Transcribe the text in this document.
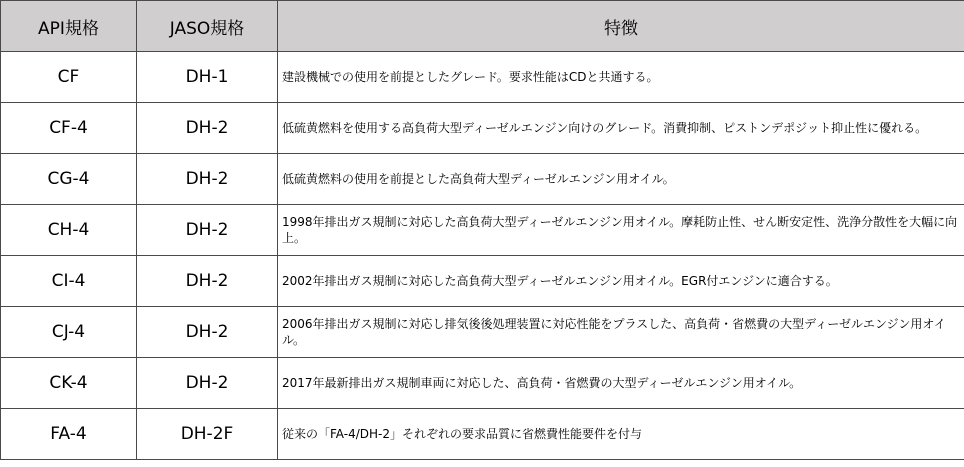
API規格	JASO規格	特徴
CF	DH-1	建設機械での使用を前提としたグレード。要求性能はCDと共通する。
CF-4	DH-2	低硫黄燃料を使用する高負荷大型ディーゼルエンジン向けのグレード。消費抑制、ピストンデポジット抑止性に優れる。
CG-4	DH-2	低硫黄燃料の使用を前提とした高負荷大型ディーゼルエンジン用オイル。
CH-4	DH-2	1998年排出ガス規制に対応した高負荷大型ディーゼルエンジン用オイル。摩耗防止性、せん断安定性、洗浄分散性を大幅に向上。
CI-4	DH-2	2002年排出ガス規制に対応した高負荷大型ディーゼルエンジン用オイル。EGR付エンジンに適合する。
CJ-4	DH-2	2006年排出ガス規制に対応し排気後後処理装置に対応性能をプラスした、高負荷・省燃費の大型ディーゼルエンジン用オイル。
CK-4	DH-2	2017年最新排出ガス規制車両に対応した、高負荷・省燃費の大型ディーゼルエンジン用オイル。
FA-4	DH-2F	従来の「FA-4/DH-2」それぞれの要求品質に省燃費性能要件を付与
